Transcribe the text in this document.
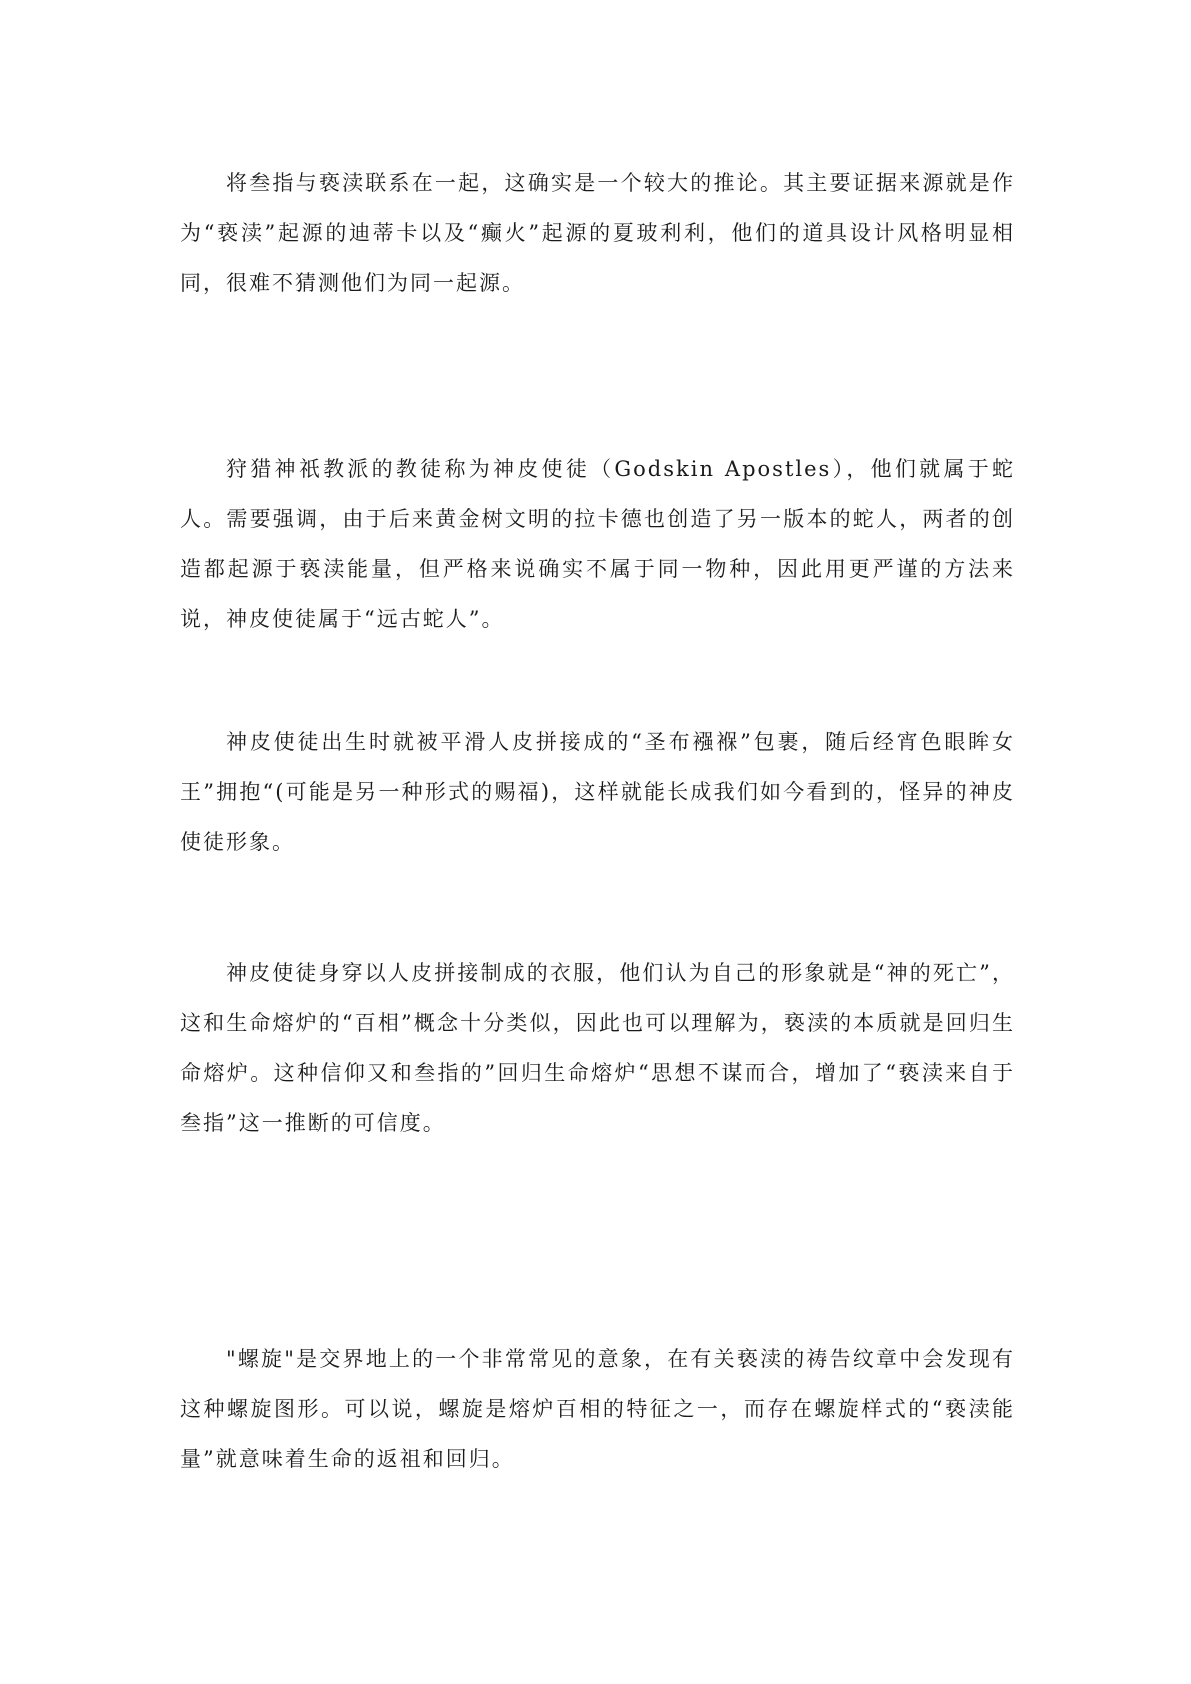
将叁指与亵渎联系在一起，这确实是一个较大的推论。其主要证据来源就是作为“亵渎”起源的迪蒂卡以及“癫火”起源的夏玻利利，他们的道具设计风格明显相同，很难不猜测他们为同一起源。

狩猎神祇教派的教徒称为神皮使徒（Godskin Apostles），他们就属于蛇人。需要强调，由于后来黄金树文明的拉卡德也创造了另一版本的蛇人，两者的创造都起源于亵渎能量，但严格来说确实不属于同一物种，因此用更严谨的方法来说，神皮使徒属于“远古蛇人”。

神皮使徒出生时就被平滑人皮拼接成的“圣布襁褓”包裹，随后经宵色眼眸女王”拥抱“(可能是另一种形式的赐福)，这样就能长成我们如今看到的，怪异的神皮使徒形象。

神皮使徒身穿以人皮拼接制成的衣服，他们认为自己的形象就是“神的死亡”，这和生命熔炉的“百相”概念十分类似，因此也可以理解为，亵渎的本质就是回归生命熔炉。这种信仰又和叁指的”回归生命熔炉“思想不谋而合，增加了“亵渎来自于叁指”这一推断的可信度。

"螺旋"是交界地上的一个非常常见的意象，在有关亵渎的祷告纹章中会发现有这种螺旋图形。可以说，螺旋是熔炉百相的特征之一，而存在螺旋样式的“亵渎能量”就意味着生命的返祖和回归。
